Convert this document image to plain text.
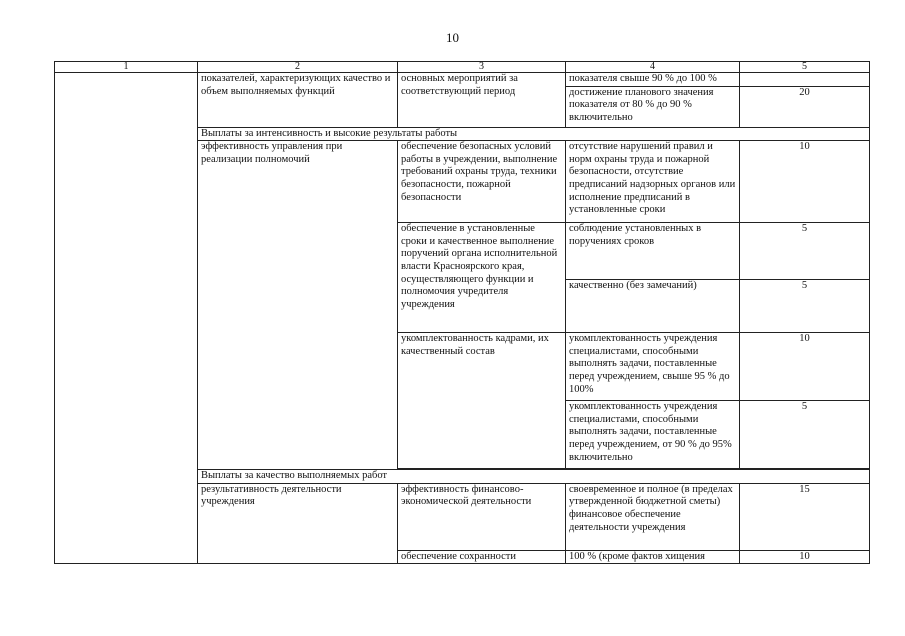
10
1	2	3	4	5
	показателей, характеризующих качество и объем выполняемых функций	основных мероприятий за соответствующий период	показателя свыше 90 % до 100 %	
			достижение планового значения показателя от 80 % до 90 % включительно	20
	Выплаты за интенсивность и высокие результаты работы			
	эффективность управления при реализации полномочий	обеспечение безопасных условий работы в учреждении, выполнение требований охраны труда, техники безопасности, пожарной безопасности	отсутствие нарушений правил и норм охраны труда и пожарной безопасности, отсутствие предписаний надзорных органов или исполнение предписаний в установленные сроки	10
		обеспечение в установленные сроки и качественное выполнение поручений органа исполнительной власти Красноярского края, осуществляющего функции и полномочия учредителя учреждения	соблюдение установленных в поручениях сроков	5
			качественно (без замечаний)	5
		укомплектованность кадрами, их качественный состав	укомплектованность учреждения специалистами, способными выполнять задачи, поставленные перед учреждением, свыше 95 % до 100%	10
			укомплектованность учреждения специалистами, способными выполнять задачи, поставленные перед учреждением, от 90 % до 95% включительно	5

	Выплаты за качество выполняемых работ			
	результативность деятельности учреждения	эффективность финансово-экономической деятельности	своевременное и полное (в пределах утвержденной бюджетной сметы) финансовое обеспечение деятельности учреждения	15
		обеспечение сохранности	100 % (кроме фактов хищения	10
